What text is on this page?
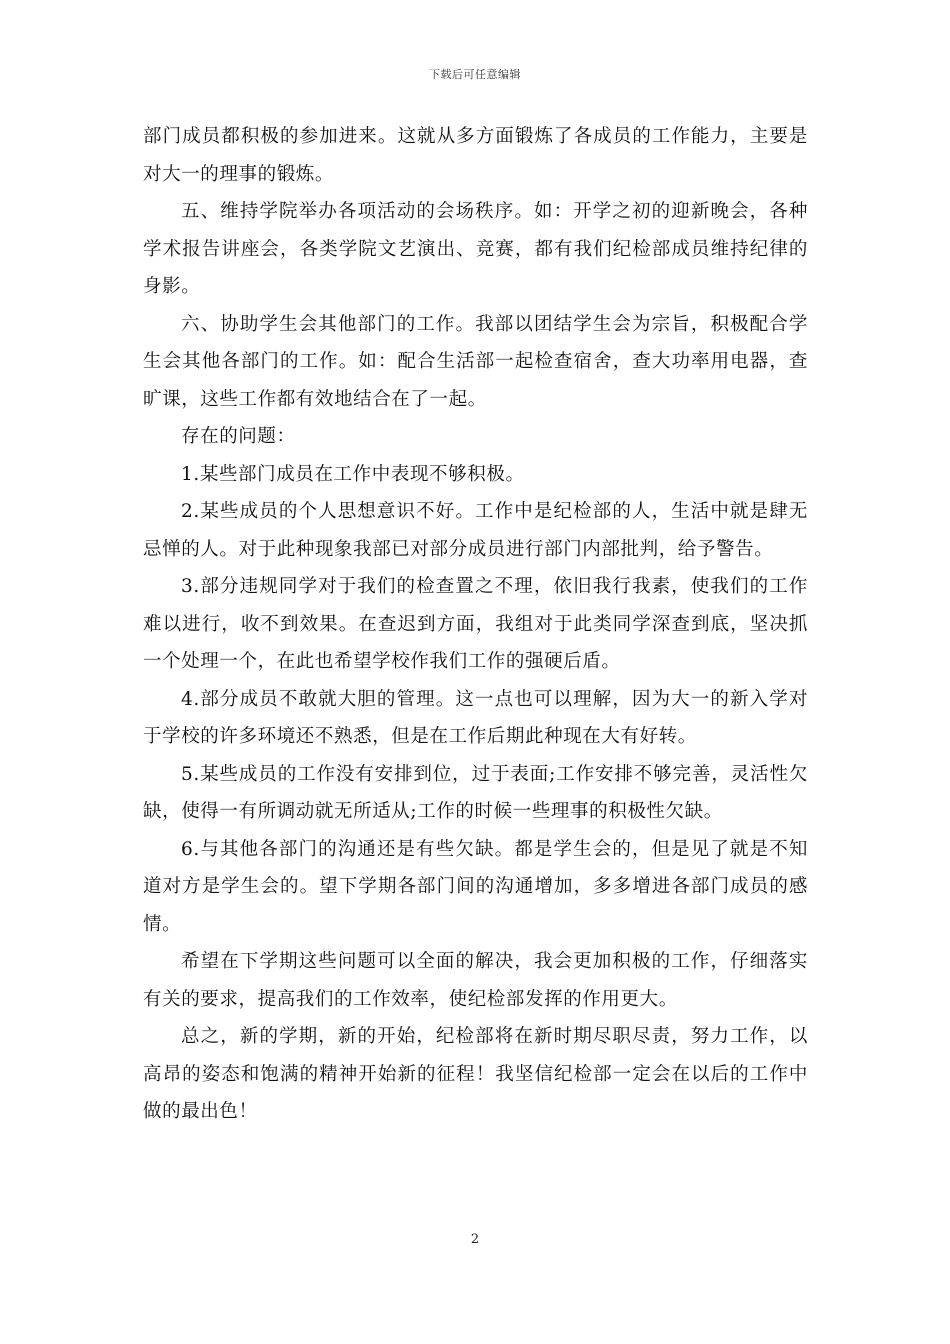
下载后可任意编辑

部门成员都积极的参加进来。这就从多方面锻炼了各成员的工作能力，主要是对大一的理事的锻炼。

五、维持学院举办各项活动的会场秩序。如：开学之初的迎新晚会，各种学术报告讲座会，各类学院文艺演出、竞赛，都有我们纪检部成员维持纪律的身影。

六、协助学生会其他部门的工作。我部以团结学生会为宗旨，积极配合学生会其他各部门的工作。如：配合生活部一起检查宿舍，查大功率用电器，查旷课，这些工作都有效地结合在了一起。

存在的问题：

1.某些部门成员在工作中表现不够积极。

2.某些成员的个人思想意识不好。工作中是纪检部的人，生活中就是肆无忌惮的人。对于此种现象我部已对部分成员进行部门内部批判，给予警告。

3.部分违规同学对于我们的检查置之不理，依旧我行我素，使我们的工作难以进行，收不到效果。在查迟到方面，我组对于此类同学深查到底，坚决抓一个处理一个，在此也希望学校作我们工作的强硬后盾。

4.部分成员不敢就大胆的管理。这一点也可以理解，因为大一的新入学对于学校的许多环境还不熟悉，但是在工作后期此种现在大有好转。

5.某些成员的工作没有安排到位，过于表面;工作安排不够完善，灵活性欠缺，使得一有所调动就无所适从;工作的时候一些理事的积极性欠缺。

6.与其他各部门的沟通还是有些欠缺。都是学生会的，但是见了就是不知道对方是学生会的。望下学期各部门间的沟通增加，多多增进各部门成员的感情。

希望在下学期这些问题可以全面的解决，我会更加积极的工作，仔细落实有关的要求，提高我们的工作效率，使纪检部发挥的作用更大。

总之，新的学期，新的开始，纪检部将在新时期尽职尽责，努力工作，以高昂的姿态和饱满的精神开始新的征程！我坚信纪检部一定会在以后的工作中做的最出色！

2
